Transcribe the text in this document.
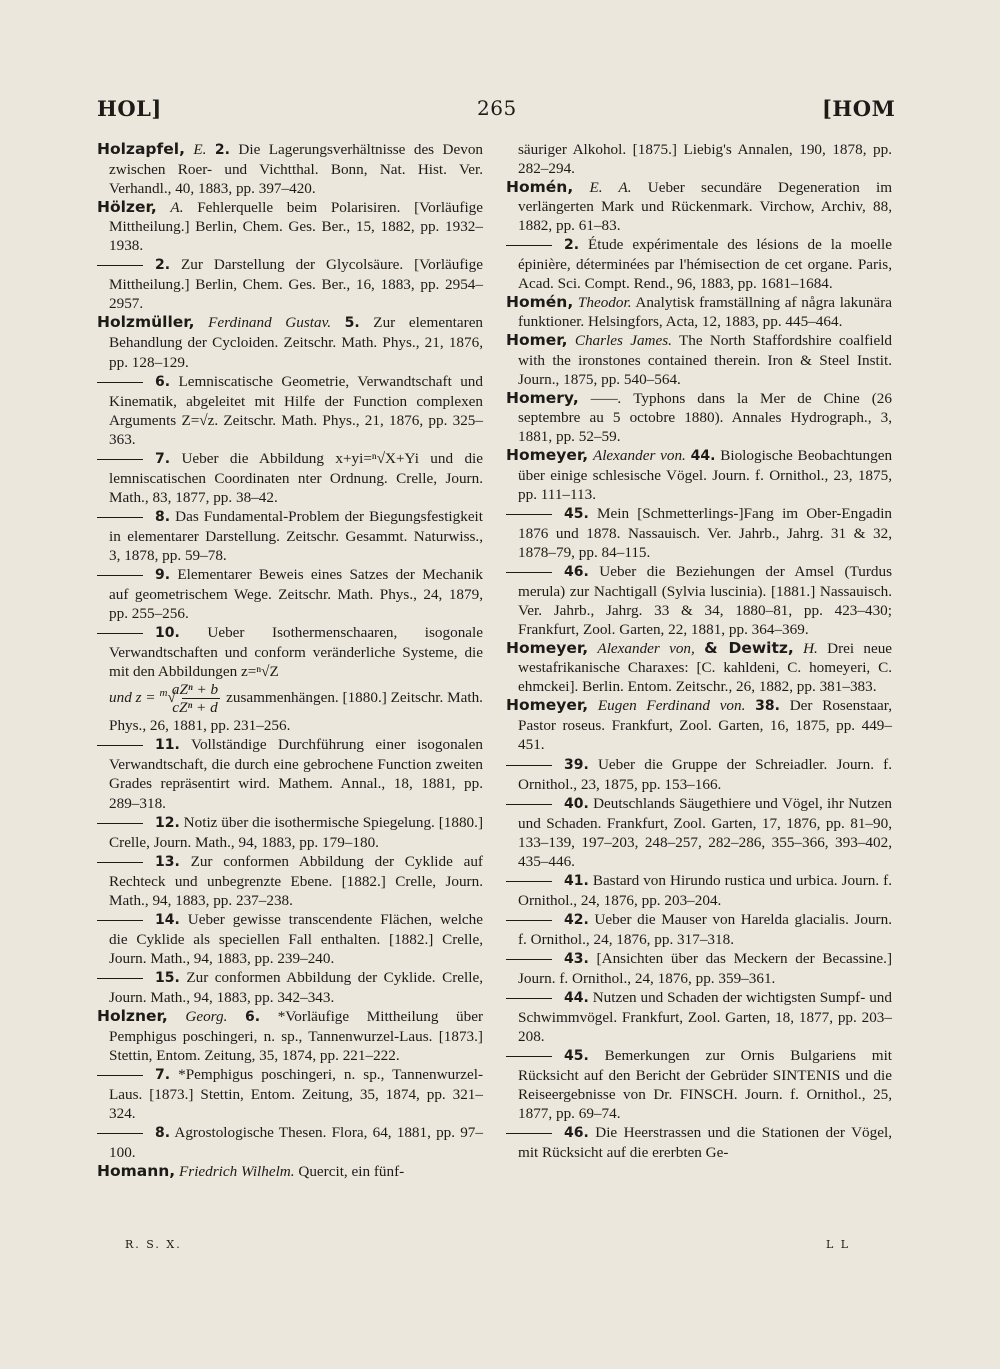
HOL]	265	[HOM

Holzapfel, E. 2. Die Lagerungsverhältnisse des Devon zwischen Roer- und Vichtthal. Bonn, Nat. Hist. Ver. Verhandl., 40, 1883, pp. 397–420.

Hölzer, A. Fehlerquelle beim Polarisiren. [Vorläufige Mittheilung.] Berlin, Chem. Ges. Ber., 15, 1882, pp. 1932–1938.

2. Zur Darstellung der Glycolsäure. [Vorläufige Mittheilung.] Berlin, Chem. Ges. Ber., 16, 1883, pp. 2954–2957.

Holzmüller, Ferdinand Gustav. 5. Zur elementaren Behandlung der Cycloiden. Zeitschr. Math. Phys., 21, 1876, pp. 128–129.

6. Lemniscatische Geometrie, Verwandtschaft und Kinematik, abgeleitet mit Hilfe der Function complexen Arguments Z=√z. Zeitschr. Math. Phys., 21, 1876, pp. 325–363.

7. Ueber die Abbildung x+yi=ⁿ√X+Yi und die lemniscatischen Coordinaten nter Ordnung. Crelle, Journ. Math., 83, 1877, pp. 38–42.

8. Das Fundamental-Problem der Biegungsfestigkeit in elementarer Darstellung. Zeitschr. Gesammt. Naturwiss., 3, 1878, pp. 59–78.

9. Elementarer Beweis eines Satzes der Mechanik auf geometrischem Wege. Zeitschr. Math. Phys., 24, 1879, pp. 255–256.

10. Ueber Isothermenschaaren, isogonale Verwandtschaften und conform veränderliche Systeme, die mit den Abbildungen z=ⁿ√Z
und $z = ^m√ \frac{\text{aZⁿ + b}}{\text{cZⁿ + d}}$ zusammenhängen. [1880.] Zeitschr. Math. Phys., 26, 1881, pp. 231–256.

11. Vollständige Durchführung einer isogonalen Verwandtschaft, die durch eine gebrochene Function zweiten Grades repräsentirt wird. Mathem. Annal., 18, 1881, pp. 289–318.

12. Notiz über die isothermische Spiegelung. [1880.] Crelle, Journ. Math., 94, 1883, pp. 179–180.

13. Zur conformen Abbildung der Cyklide auf Rechteck und unbegrenzte Ebene. [1882.] Crelle, Journ. Math., 94, 1883, pp. 237–238.

14. Ueber gewisse transcendente Flächen, welche die Cyklide als speciellen Fall enthalten. [1882.] Crelle, Journ. Math., 94, 1883, pp. 239–240.

15. Zur conformen Abbildung der Cyklide. Crelle, Journ. Math., 94, 1883, pp. 342–343.

Holzner, Georg. 6. *Vorläufige Mittheilung über Pemphigus poschingeri, n. sp., Tannenwurzel-Laus. [1873.] Stettin, Entom. Zeitung, 35, 1874, pp. 221–222.

7. *Pemphigus poschingeri, n. sp., Tannenwurzel-Laus. [1873.] Stettin, Entom. Zeitung, 35, 1874, pp. 321–324.

8. Agrostologische Thesen. Flora, 64, 1881, pp. 97–100.

Homann, Friedrich Wilhelm. Quercit, ein fünf-

säuriger Alkohol. [1875.] Liebig's Annalen, 190, 1878, pp. 282–294.

Homén, E. A. Ueber secundäre Degeneration im verlängerten Mark und Rückenmark. Virchow, Archiv, 88, 1882, pp. 61–83.

2. Étude expérimentale des lésions de la moelle épinière, déterminées par l'hémisection de cet organe. Paris, Acad. Sci. Compt. Rend., 96, 1883, pp. 1681–1684.

Homén, Theodor. Analytisk framställning af några lakunära funktioner. Helsingfors, Acta, 12, 1883, pp. 445–464.

Homer, Charles James. The North Staffordshire coalfield with the ironstones contained therein. Iron & Steel Instit. Journ., 1875, pp. 540–564.

Homery, ——. Typhons dans la Mer de Chine (26 septembre au 5 octobre 1880). Annales Hydrograph., 3, 1881, pp. 52–59.

Homeyer, Alexander von. 44. Biologische Beobachtungen über einige schlesische Vögel. Journ. f. Ornithol., 23, 1875, pp. 111–113.

45. Mein [Schmetterlings-]Fang im Ober-Engadin 1876 und 1878. Nassauisch. Ver. Jahrb., Jahrg. 31 & 32, 1878–79, pp. 84–115.

46. Ueber die Beziehungen der Amsel (Turdus merula) zur Nachtigall (Sylvia luscinia). [1881.] Nassauisch. Ver. Jahrb., Jahrg. 33 & 34, 1880–81, pp. 423–430; Frankfurt, Zool. Garten, 22, 1881, pp. 364–369.

Homeyer, Alexander von, & Dewitz, H. Drei neue westafrikanische Charaxes: [C. kahldeni, C. homeyeri, C. ehmckei]. Berlin. Entom. Zeitschr., 26, 1882, pp. 381–383.

Homeyer, Eugen Ferdinand von. 38. Der Rosenstaar, Pastor roseus. Frankfurt, Zool. Garten, 16, 1875, pp. 449–451.

39. Ueber die Gruppe der Schreiadler. Journ. f. Ornithol., 23, 1875, pp. 153–166.

40. Deutschlands Säugethiere und Vögel, ihr Nutzen und Schaden. Frankfurt, Zool. Garten, 17, 1876, pp. 81–90, 133–139, 197–203, 248–257, 282–286, 355–366, 393–402, 435–446.

41. Bastard von Hirundo rustica und urbica. Journ. f. Ornithol., 24, 1876, pp. 203–204.

42. Ueber die Mauser von Harelda glacialis. Journ. f. Ornithol., 24, 1876, pp. 317–318.

43. [Ansichten über das Meckern der Becassine.] Journ. f. Ornithol., 24, 1876, pp. 359–361.

44. Nutzen und Schaden der wichtigsten Sumpf- und Schwimmvögel. Frankfurt, Zool. Garten, 18, 1877, pp. 203–208.

45. Bemerkungen zur Ornis Bulgariens mit Rücksicht auf den Bericht der Gebrüder SINTENIS und die Reiseergebnisse von Dr. FINSCH. Journ. f. Ornithol., 25, 1877, pp. 69–74.

46. Die Heerstrassen und die Stationen der Vögel, mit Rücksicht auf die ererbten Ge-

R. S. X.	L L
